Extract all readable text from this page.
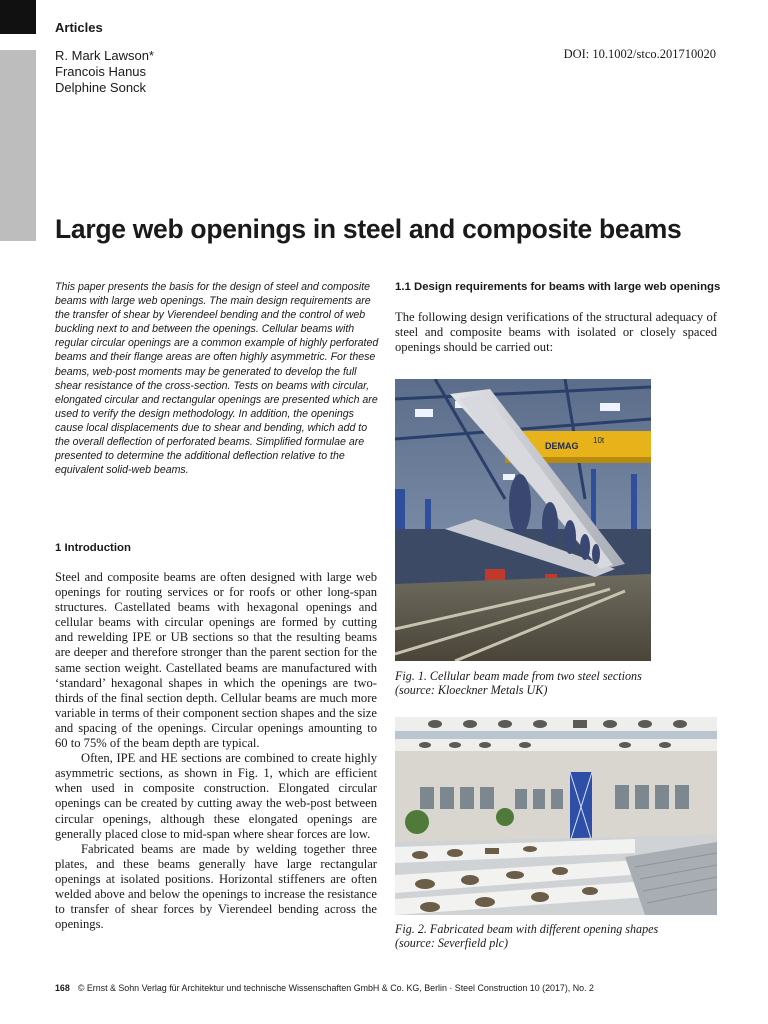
Articles
R. Mark Lawson*
Francois Hanus
Delphine Sonck
DOI: 10.1002/stco.201710020
Large web openings in steel and composite beams
This paper presents the basis for the design of steel and composite beams with large web openings. The main design requirements are the transfer of shear by Vierendeel bending and the control of web buckling next to and between the openings. Cellular beams with regular circular openings are a common example of highly perforated beams and their flange areas are often highly asymmetric. For these beams, web-post moments may be generated to develop the full shear resistance of the cross-section. Tests on beams with circular, elongated circular and rectangular openings are presented which are used to verify the design methodology. In addition, the openings cause local displacements due to shear and bending, which add to the overall deflection of perforated beams. Simplified formulae are presented to determine the additional deflection relative to the equivalent solid-web beams.
1 Introduction

Steel and composite beams are often designed with large web openings for routing services or for roofs or other long-span structures. Castellated beams with hexagonal openings and cellular beams with circular openings are formed by cutting and rewelding IPE or UB sections so that the resulting beams are deeper and therefore stronger than the parent section for the same section weight. Castellated beams are manufactured with ‘standard’ hexagonal shapes in which the openings are two-thirds of the final section depth. Cellular beams are much more variable in terms of their component section shapes and the size and spacing of the openings. Circular openings amounting to 60 to 75% of the beam depth are typical.

Often, IPE and HE sections are combined to create highly asymmetric sections, as shown in Fig. 1, which are efficient when used in composite construction. Elongated circular openings can be created by cutting away the web-post between circular openings, although these elongated openings are generally placed close to mid-span where shear forces are low.

Fabricated beams are made by welding together three plates, and these beams generally have large rectangular openings at isolated positions. Horizontal stiffeners are often welded above and below the openings to increase the resistance to transfer of shear forces by Vierendeel bending across the openings.

1.1 Design requirements for beams with large web openings
The following design verifications of the structural adequacy of steel and composite beams with isolated or closely spaced openings should be carried out:
DEMAG
10t
Fig. 1. Cellular beam made from two steel sections
(source: Kloeckner Metals UK)
Fig. 2. Fabricated beam with different opening shapes
(source: Severfield plc)
168 © Ernst & Sohn Verlag für Architektur und technische Wissenschaften GmbH & Co. KG, Berlin · Steel Construction 10 (2017), No. 2
